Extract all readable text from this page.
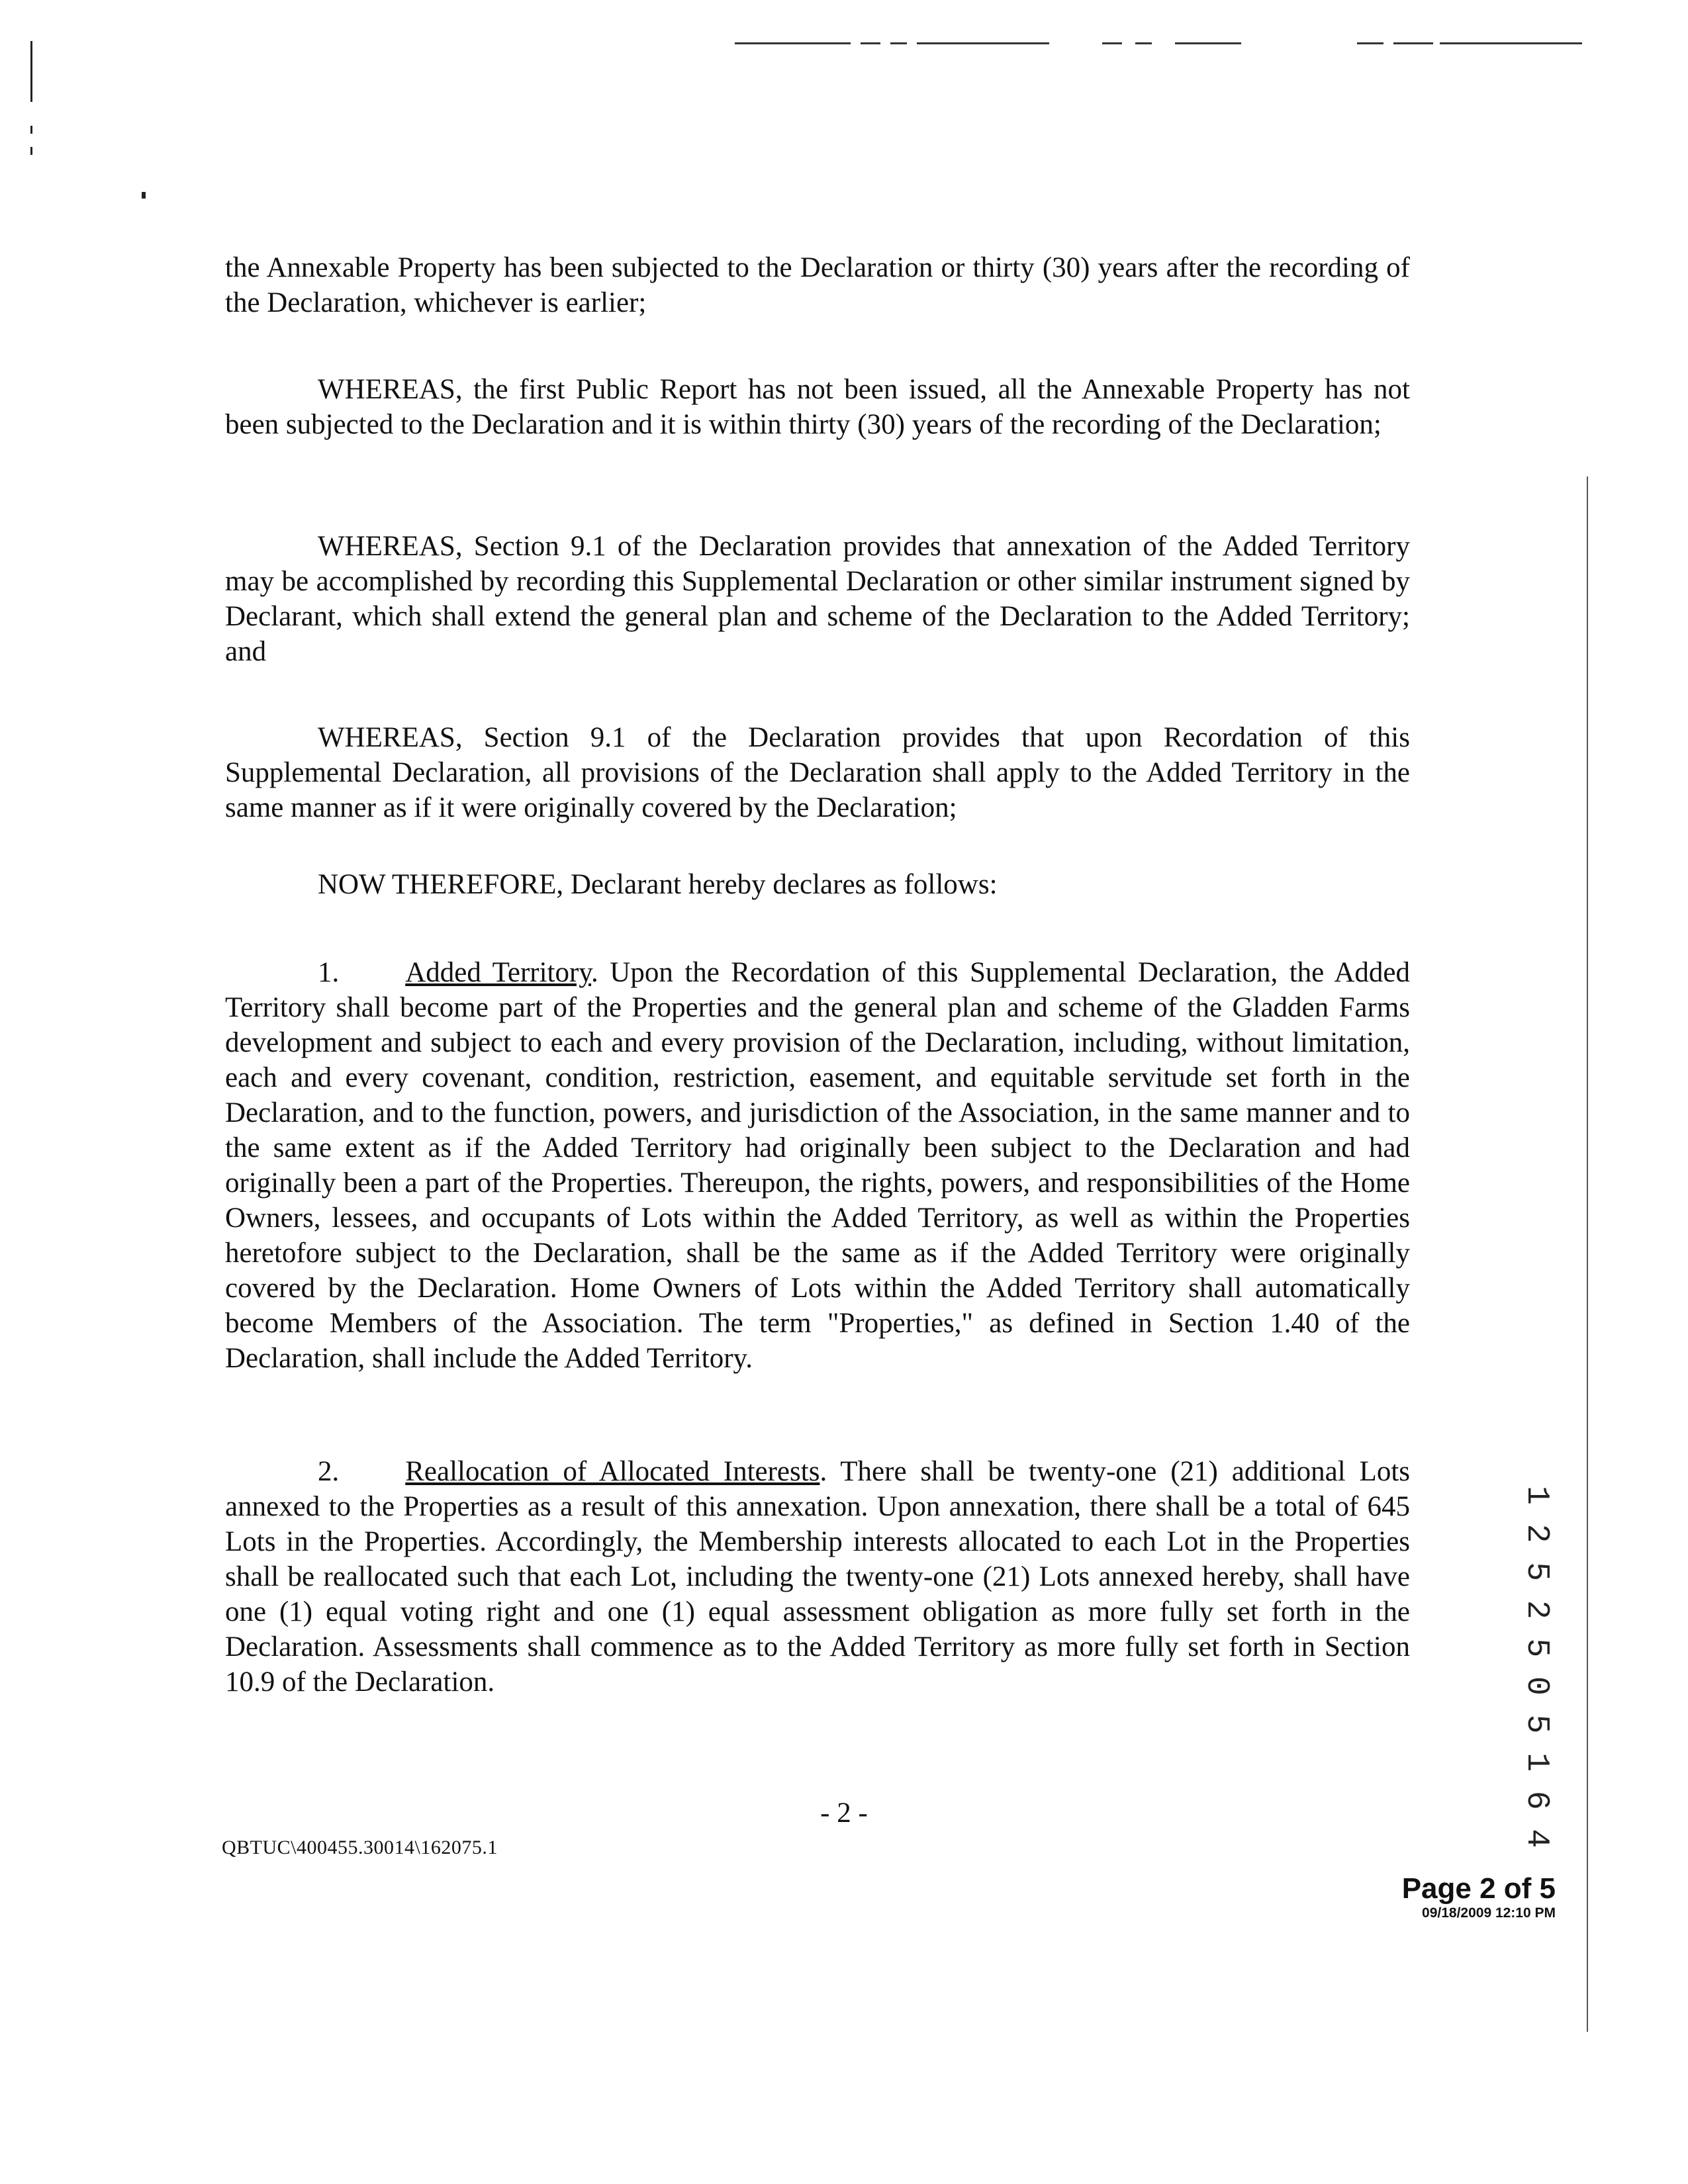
the Annexable Property has been subjected to the Declaration or thirty (30) years after the recording of the Declaration, whichever is earlier;

WHEREAS, the first Public Report has not been issued, all the Annexable Property has not been subjected to the Declaration and it is within thirty (30) years of the recording of the Declaration;

WHEREAS, Section 9.1 of the Declaration provides that annexation of the Added Territory may be accomplished by recording this Supplemental Declaration or other similar instrument signed by Declarant, which shall extend the general plan and scheme of the Declaration to the Added Territory; and

WHEREAS, Section 9.1 of the Declaration provides that upon Recordation of this Supplemental Declaration, all provisions of the Declaration shall apply to the Added Territory in the same manner as if it were originally covered by the Declaration;

NOW THEREFORE, Declarant hereby declares as follows:

1. Added Territory. Upon the Recordation of this Supplemental Declaration, the Added Territory shall become part of the Properties and the general plan and scheme of the Gladden Farms development and subject to each and every provision of the Declaration, including, without limitation, each and every covenant, condition, restriction, easement, and equitable servitude set forth in the Declaration, and to the function, powers, and jurisdiction of the Association, in the same manner and to the same extent as if the Added Territory had originally been subject to the Declaration and had originally been a part of the Properties. Thereupon, the rights, powers, and responsibilities of the Home Owners, lessees, and occupants of Lots within the Added Territory, as well as within the Properties heretofore subject to the Declaration, shall be the same as if the Added Territory were originally covered by the Declaration. Home Owners of Lots within the Added Territory shall automatically become Members of the Association. The term "Properties," as defined in Section 1.40 of the Declaration, shall include the Added Territory.

2. Reallocation of Allocated Interests. There shall be twenty-one (21) additional Lots annexed to the Properties as a result of this annexation. Upon annexation, there shall be a total of 645 Lots in the Properties. Accordingly, the Membership interests allocated to each Lot in the Properties shall be reallocated such that each Lot, including the twenty-one (21) Lots annexed hereby, shall have one (1) equal voting right and one (1) equal assessment obligation as more fully set forth in the Declaration. Assessments shall commence as to the Added Territory as more fully set forth in Section 10.9 of the Declaration.

- 2 -
QBTUC\400455.30014\162075.1
Page 2 of 5
09/18/2009 12:10 PM
1 2 5 2 5 0 5 1 6 4
